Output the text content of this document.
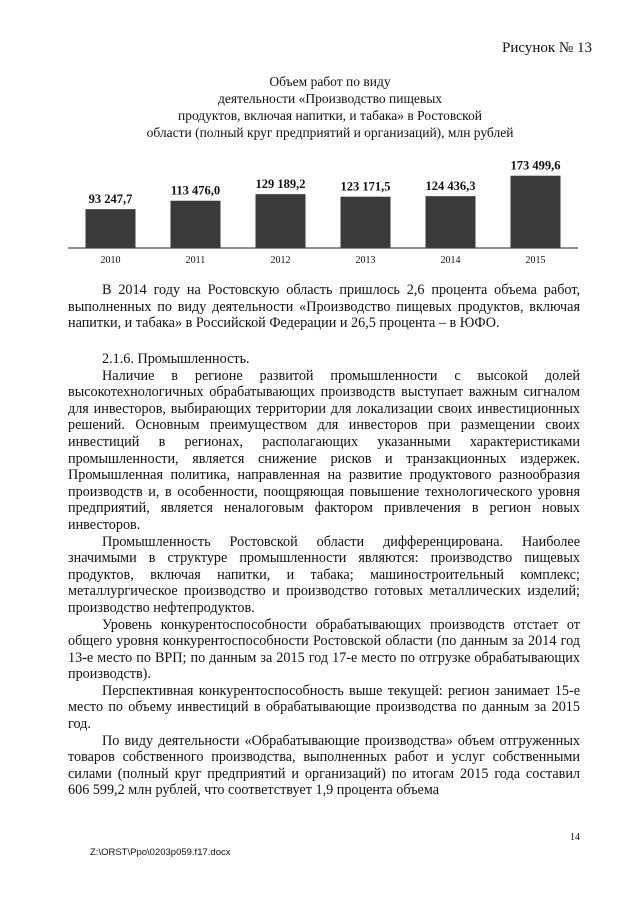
Рисунок № 13
Объем работ по виду
деятельности «Производство пищевых
продуктов, включая напитки, и табака» в Ростовской
области (полный круг предприятий и организаций), млн рублей
93 247,7
2010
113 476,0
2011
129 189,2
2012
123 171,5
2013
124 436,3
2014
173 499,6
2015

В 2014 году на Ростовскую область пришлось 2,6 процента объема работ, выполненных по виду деятельности «Производство пищевых продуктов, включая напитки, и табака» в Российской Федерации и 26,5 процента – в ЮФО.

2.1.6. Промышленность.

Наличие в регионе развитой промышленности с высокой долей высокотехнологичных обрабатывающих производств выступает важным сигналом для инвесторов, выбирающих территории для локализации своих инвестиционных решений. Основным преимуществом для инвесторов при размещении своих инвестиций в регионах, располагающих указанными характеристиками промышленности, является снижение рисков и транзакционных издержек. Промышленная политика, направленная на развитие продуктового разнообразия производств и, в особенности, поощряющая повышение технологического уровня предприятий, является неналоговым фактором привлечения в регион новых инвесторов.

Промышленность Ростовской области дифференцирована. Наиболее значимыми в структуре промышленности являются: производство пищевых продуктов, включая напитки, и табака; машиностроительный комплекс; металлургическое производство и производство готовых металлических изделий; производство нефтепродуктов.

Уровень конкурентоспособности обрабатывающих производств отстает от общего уровня конкурентоспособности Ростовской области (по данным за 2014 год 13-е место по ВРП; по данным за 2015 год 17-е место по отгрузке обрабатывающих производств).

Перспективная конкурентоспособность выше текущей: регион занимает 15-е место по объему инвестиций в обрабатывающие производства по данным за 2015 год.

По виду деятельности «Обрабатывающие производства» объем отгруженных товаров собственного производства, выполненных работ и услуг собственными силами (полный круг предприятий и организаций) по итогам 2015 года составил 606 599,2 млн рублей, что соответствует 1,9 процента объема

14
Z:\ORST\Ppo\0203p059.f17.docx
